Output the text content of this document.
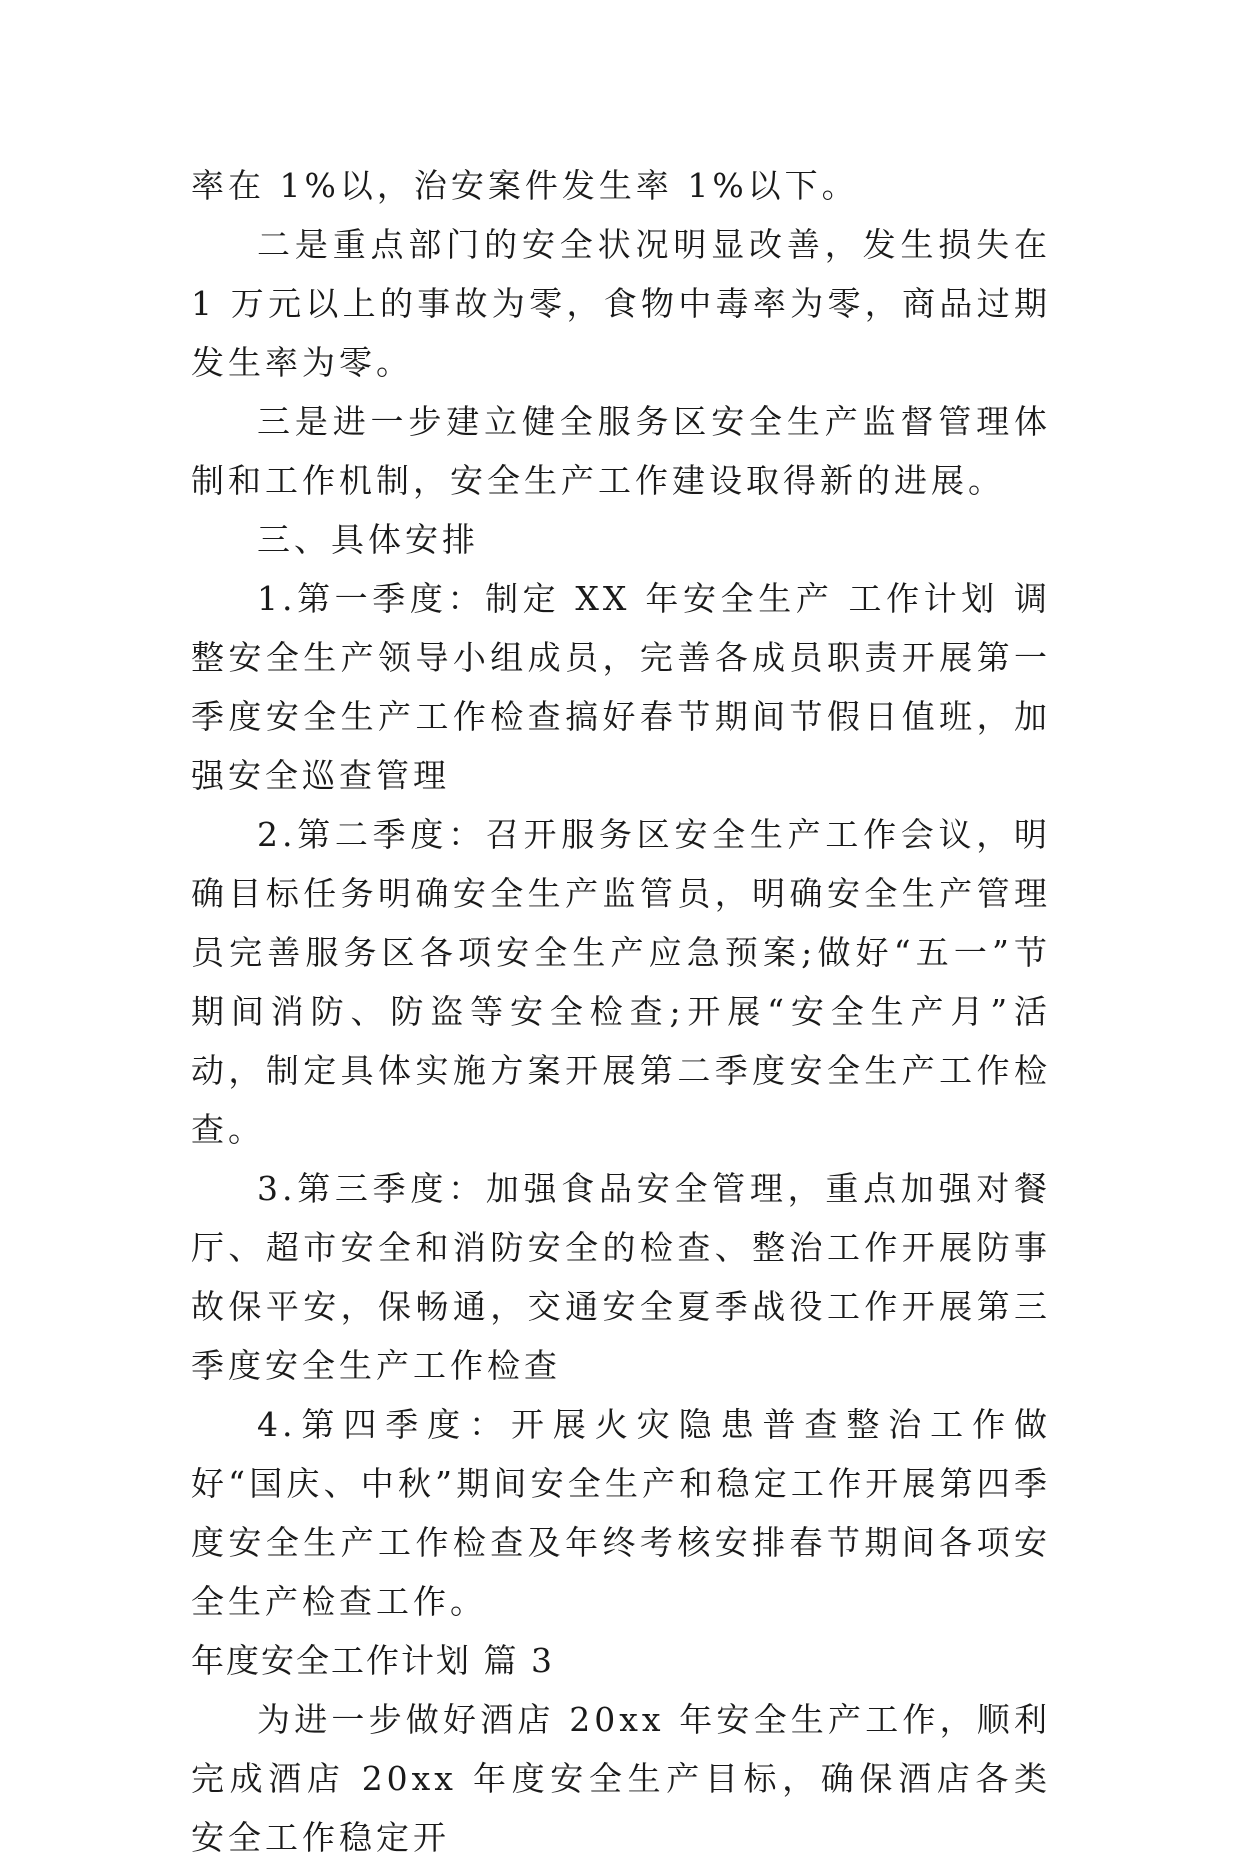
率在 1%以，治安案件发生率 1%以下。

二是重点部门的安全状况明显改善，发生损失在 1 万元以上的事故为零，食物中毒率为零，商品过期发生率为零。

三是进一步建立健全服务区安全生产监督管理体制和工作机制，安全生产工作建设取得新的进展。

三、具体安排

1.第一季度：制定 XX 年安全生产 工作计划 调整安全生产领导小组成员，完善各成员职责开展第一季度安全生产工作检查搞好春节期间节假日值班，加强安全巡查管理

2.第二季度：召开服务区安全生产工作会议，明确目标任务明确安全生产监管员，明确安全生产管理员完善服务区各项安全生产应急预案;做好“五一”节期间消防、防盗等安全检查;开展“安全生产月”活动，制定具体实施方案开展第二季度安全生产工作检查。

3.第三季度：加强食品安全管理，重点加强对餐厅、超市安全和消防安全的检查、整治工作开展防事故保平安，保畅通，交通安全夏季战役工作开展第三季度安全生产工作检查

4.第四季度：开展火灾隐患普查整治工作做好“国庆、中秋”期间安全生产和稳定工作开展第四季度安全生产工作检查及年终考核安排春节期间各项安全生产检查工作。

年度安全工作计划 篇 3

为进一步做好酒店 20xx 年安全生产工作，顺利完成酒店 20xx 年度安全生产目标，确保酒店各类安全工作稳定开
